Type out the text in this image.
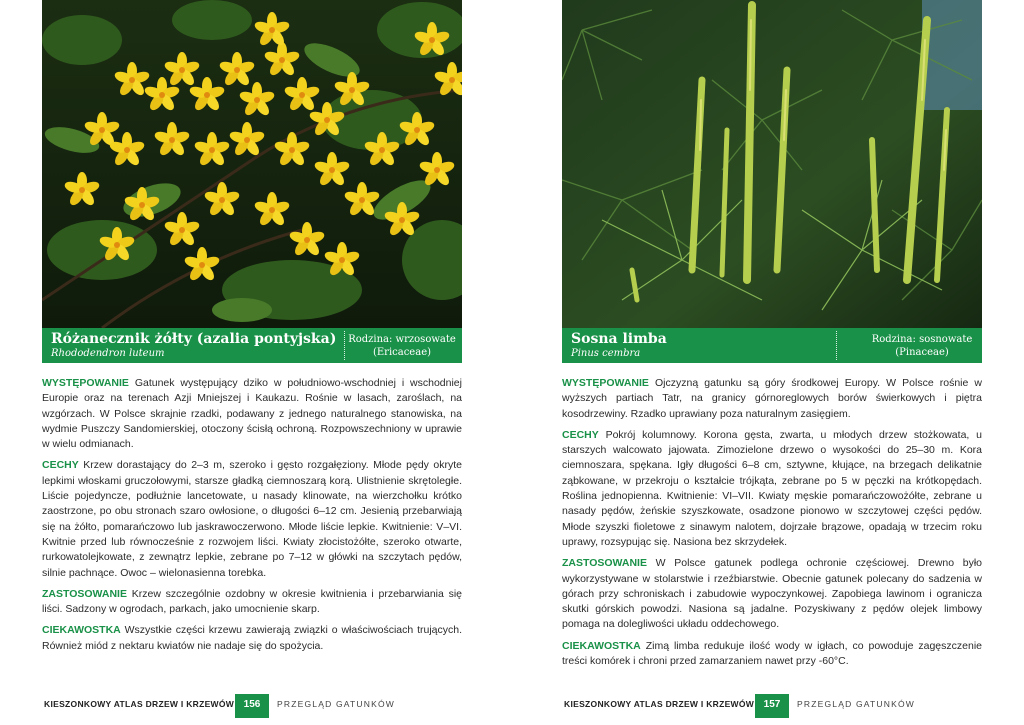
Różanecznik żółty (azalia pontyjska)
Rhododendron luteum
Rodzina: wrzosowate
(Ericaceae)

WYSTĘPOWANIE Gatunek występujący dziko w południowo-wschodniej i wschodniej Europie oraz na terenach Azji Mniejszej i Kaukazu. Rośnie w lasach, zaroślach, na wzgórzach. W Polsce skrajnie rzadki, podawany z jednego naturalnego stanowiska, na wydmie Puszczy Sandomierskiej, otoczony ścisłą ochroną. Rozpowszechniony w uprawie w wielu odmianach.

CECHY Krzew dorastający do 2–3 m, szeroko i gęsto rozgałęziony. Młode pędy okryte lepkimi włoskami gruczołowymi, starsze gładką ciemnoszarą korą. Ulistnienie skrętoległe. Liście pojedyncze, podłużnie lancetowate, u nasady klinowate, na wierzchołku krótko zaostrzone, po obu stronach szaro owłosione, o długości 6–12 cm. Jesienią przebarwiają się na żółto, pomarańczowo lub jaskrawoczerwono. Młode liście lepkie. Kwitnienie: V–VI. Kwitnie przed lub równocześnie z rozwojem liści. Kwiaty złocistożółte, szeroko otwarte, rurkowatolejkowate, z zewnątrz lepkie, zebrane po 7–12 w główki na szczytach pędów, silnie pachnące. Owoc – wielonasienna torebka.

ZASTOSOWANIE Krzew szczególnie ozdobny w okresie kwitnienia i przebarwiania się liści. Sadzony w ogrodach, parkach, jako umocnienie skarp.

CIEKAWOSTKA Wszystkie części krzewu zawierają związki o właściwościach trujących. Również miód z nektaru kwiatów nie nadaje się do spożycia.

KIESZONKOWY ATLAS DRZEW I KRZEWÓW 156	PRZEGLĄD GATUNKÓW
Sosna limba
Pinus cembra
Rodzina: sosnowate
(Pinaceae)

WYSTĘPOWANIE Ojczyzną gatunku są góry środkowej Europy. W Polsce rośnie w wyższych partiach Tatr, na granicy górnoreglowych borów świerkowych i piętra kosodrzewiny. Rzadko uprawiany poza naturalnym zasięgiem.

CECHY Pokrój kolumnowy. Korona gęsta, zwarta, u młodych drzew stożkowata, u starszych walcowato jajowata. Zimozielone drzewo o wysokości do 25–30 m. Kora ciemnoszara, spękana. Igły długości 6–8 cm, sztywne, kłujące, na brzegach delikatnie ząbkowane, w przekroju o kształcie trójkąta, zebrane po 5 w pęczki na krótkopędach. Roślina jednopienna. Kwitnienie: VI–VII. Kwiaty męskie pomarańczowożółte, zebrane u nasady pędów, żeńskie szyszkowate, osadzone pionowo w szczytowej części pędów. Młode szyszki fioletowe z sinawym nalotem, dojrzałe brązowe, opadają w trzecim roku uprawy, rozsypując się. Nasiona bez skrzydełek.

ZASTOSOWANIE W Polsce gatunek podlega ochronie częściowej. Drewno było wykorzystywane w stolarstwie i rzeźbiarstwie. Obecnie gatunek polecany do sadzenia w górach przy schroniskach i zabudowie wypoczynkowej. Zapobiega lawinom i ogranicza skutki górskich powodzi. Nasiona są jadalne. Pozyskiwany z pędów olejek limbowy pomaga na dolegliwości układu oddechowego.

CIEKAWOSTKA Zimą limba redukuje ilość wody w igłach, co powoduje zagęszczenie treści komórek i chroni przed zamarzaniem nawet przy -60°C.

KIESZONKOWY ATLAS DRZEW I KRZEWÓW 157	PRZEGLĄD GATUNKÓW
